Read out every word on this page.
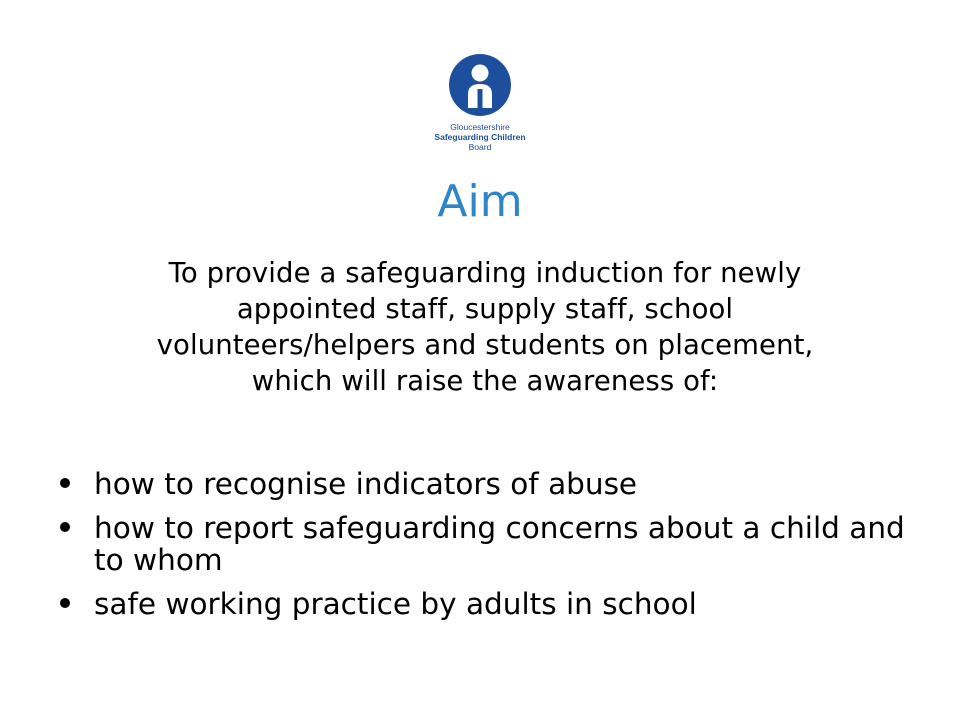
Gloucestershire
Safeguarding Children
Board
Aim
To provide a safeguarding induction for newly
appointed staff, supply staff, school
volunteers/helpers and students on placement,
which will raise the awareness of:
how to recognise indicators of abuse
how to report safeguarding concerns about a child and to whom
safe working practice by adults in school
